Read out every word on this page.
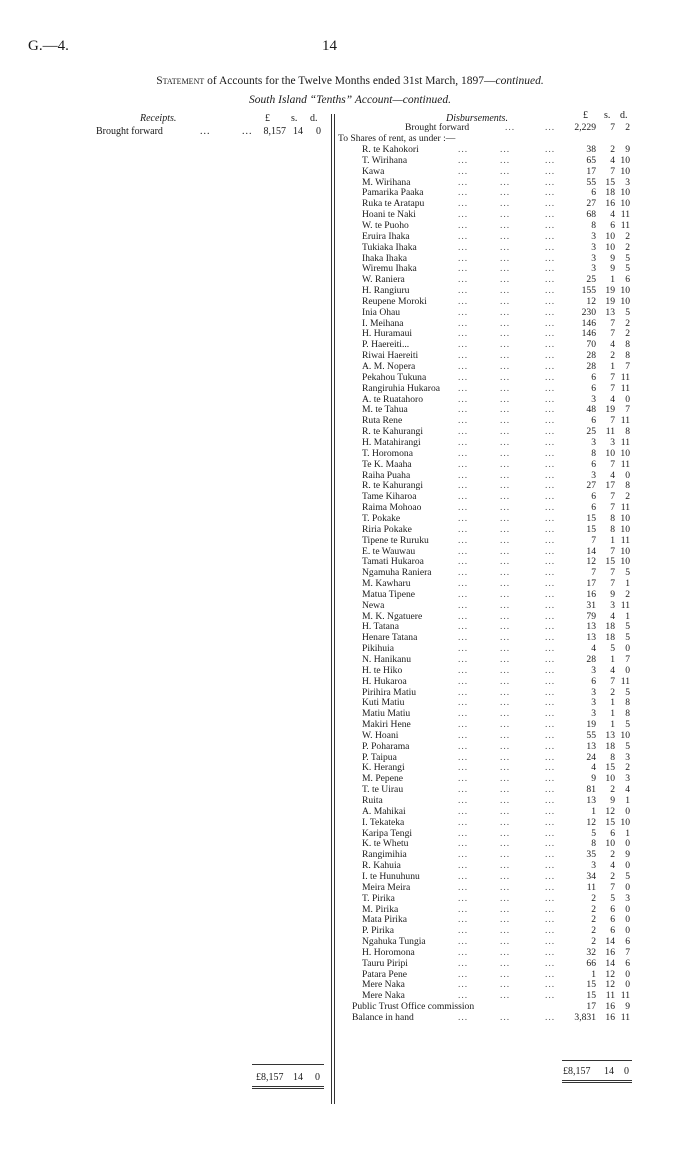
G.—4.	14
Statement of Accounts for the Twelve Months ended 31st March, 1897—continued.
South Island “Tenths” Account—continued.
Receipts.	£ s. d.
Brought forward	...	...	8,157 14	0
£8,157 14 0
Disbursements.	£ s. d.
Brought forward	...	...	2,229	7	2
To Shares of rent, as under :—
R. te Kahokori	...	...	...	38	2	9
T. Wirihana	...	...	...	65	4 10
Kawa	...	...	...	17	7 10
M. Wirihana	...	...	...	55 15	3
Pamarika Paaka	...	...	...	6 18 10
Ruka te Aratapu	...	...	...	27 16 10
Hoani te Naki	...	...	...	68	4 11
W. te Puoho	...	...	...	8	6 11
Eruira Ihaka	...	...	...	3 10	2
Tukiaka Ihaka	...	...	...	3 10	2
Ihaka Ihaka	...	...	...	3	9	5
Wiremu Ihaka	...	...	...	3	9	5
W. Raniera	...	...	...	25	1	6
H. Rangiuru	...	...	...	155 19 10
Reupene Moroki	...	...	...	12 19 10
Inia Ohau	...	...	...	230 13	5
I. Meihana	...	...	...	146	7	2
H. Huramaui	...	...	...	146	7	2
P. Haereiti...	...	...	...	70	4	8
Riwai Haereiti	...	...	...	28	2	8
A. M. Nopera	...	...	...	28	1	7
Pekahou Tukuna	...	...	...	6	7 11
Rangiruhia Hukaroa ...	...	...	6	7 11
A. te Ruatahoro	...	...	...	3	4	0
M. te Tahua	...	...	...	48 19	7
Ruta Rene	...	...	...	6	7 11
R. te Kahurangi	...	...	...	25	11	8
H. Matahirangi	...	...	...	3	3 11
T. Horomona	...	...	...	8 10 10
Te K. Maaha	...	...	...	6	7 11
Raiha Puaha	...	...	...	3	4	0
R. te Kahurangi	...	...	...	27 17	8
Tame Kiharoa	...	...	...	6	7	2
Raima Mohoao	...	...	...	6	7 11
T. Pokake	...	...	...	15	8 10
Riria Pokake	...	...	...	15	8 10
Tipene te Ruruku	...	...	...	7	1 11
E. te Wauwau	...	...	...	14	7 10
Tamati Hukaroa	...	...	...	12 15 10
Ngamuha Raniera	...	...	...	7	7	5
M. Kawharu	...	...	...	17	7	1
Matua Tipene	...	...	...	16	9	2
Newa	...	...	...	31	3 11
M. K. Ngatuere	...	...	...	79	4	1
H. Tatana	...	...	...	13 18	5
Henare Tatana	...	...	...	13 18	5
Pikihuia	...	...	...	4	5	0
N. Hanikanu	...	...	...	28	1	7
H. te Hiko	...	...	...	3	4	0
H. Hukaroa	...	...	...	6	7 11
Pirihira Matiu	...	...	...	3	2	5
Kuti Matiu	...	...	...	3	1	8
Matiu Matiu	...	...	...	3	1	8
Makiri Hene	...	...	...	19	1	5
W. Hoani	...	...	...	55 13 10
P. Poharama	...	...	...	13 18	5
P. Taipua	...	...	...	24	8	3
K. Herangi	...	...	...	4 15	2
M. Pepene	...	...	...	9 10	3
T. te Uirau	...	...	...	81	2	4
Ruita	...	...	...	13	9	1
A. Mahikai	...	...	...	1 12	0
I. Tekateka	...	...	...	12 15 10
Karipa Tengi	...	...	...	5	6	1
K. te Whetu	...	...	...	8 10	0
Rangimihia	...	...	...	35	2	9
R. Kahuia	...	...	...	3	4	0
I. te Hunuhunu	...	...	...	34	2	5
Meira Meira	...	...	...	11	7	0
T. Pirika	...	...	...	2	5	3
M. Pirika	...	...	...	2	6	0
Mata Pirika	...	...	...	2	6	0
P. Pirika	...	...	...	2	6	0
Ngahuka Tungia	...	...	...	2 14	6
H. Horomona	...	...	...	32 16	7
Tauru Piripi	...	...	...	66 14	6
Patara Pene	...	...	...	1 12	0
Mere Naka	...	...	...	15 12	0
Mere Naka	...	...	...	15	11 11
Public Trust Office commission	17 16	9
Balance in hand	...	...	...	3,831 16 11
£8,157 14 0
